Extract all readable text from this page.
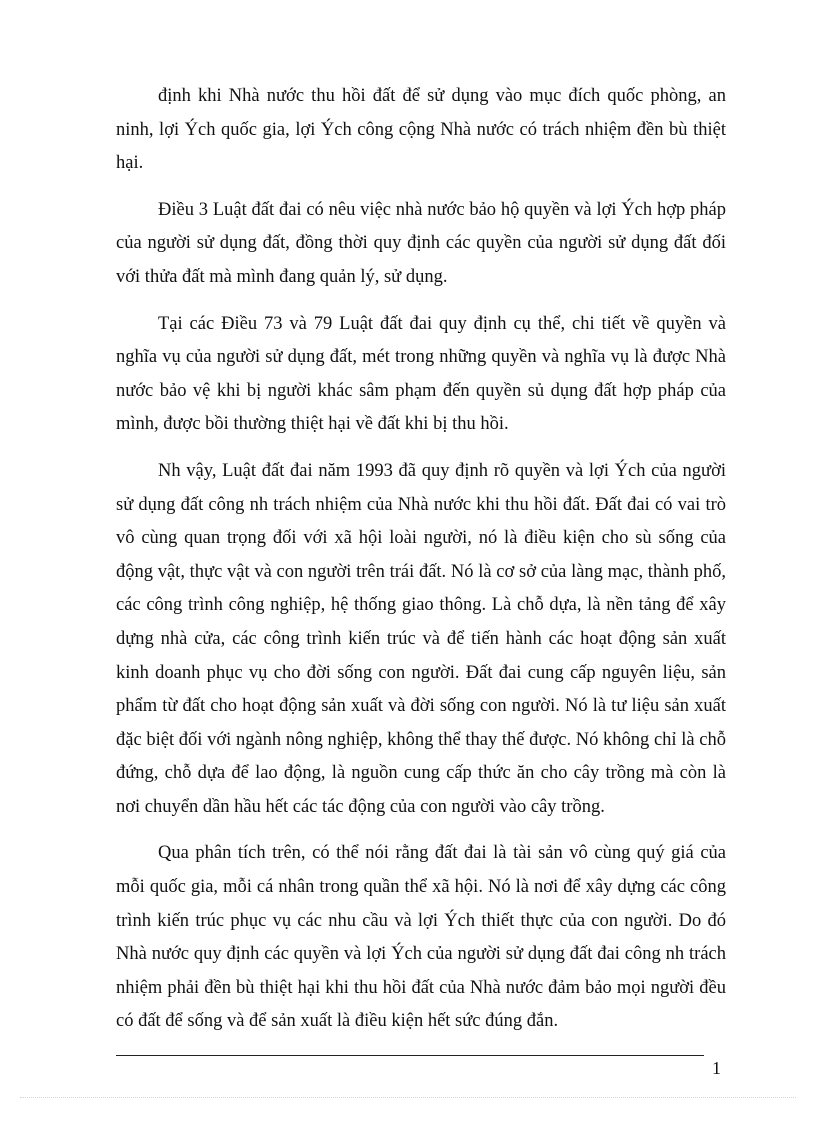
định khi Nhà nước thu hồi đất để sử dụng vào mục đích quốc phòng, an ninh, lợi Ých quốc gia, lợi Ých công cộng Nhà nước có trách nhiệm đền bù thiệt hại.

Điều 3 Luật đất đai có nêu việc nhà nước bảo hộ quyền và lợi Ých hợp pháp của người sử dụng đất, đồng thời quy định các quyền của người sử dụng đất đối với thửa đất mà mình đang quản lý, sử dụng.

Tại các Điều 73 và 79 Luật đất đai quy định cụ thể, chi tiết về quyền và nghĩa vụ của người sử dụng đất, mét trong những quyền và nghĩa vụ là được Nhà nước bảo vệ khi bị người khác sâm phạm đến quyền sủ dụng đất hợp pháp của mình, được bồi thường thiệt hại về đất khi bị thu hồi.

Nh vậy, Luật đất đai năm 1993 đã quy định rõ quyền và lợi Ých của người sử dụng đất công nh trách nhiệm của Nhà nước khi thu hồi đất. Đất đai có vai trò vô cùng quan trọng đối với xã hội loài người, nó là điều kiện cho sù sống của động vật, thực vật và con người trên trái đất. Nó là cơ sở của làng mạc, thành phố, các công trình công nghiệp, hệ thống giao thông. Là chỗ dựa, là nền tảng để xây dựng nhà cửa, các công trình kiến trúc và để tiến hành các hoạt động sản xuất kinh doanh phục vụ cho đời sống con người. Đất đai cung cấp nguyên liệu, sản phẩm từ đất cho hoạt động sản xuất và đời sống con người. Nó là tư liệu sản xuất đặc biệt đối với ngành nông nghiệp, không thể thay thế được. Nó không chỉ là chỗ đứng, chỗ dựa để lao động, là nguồn cung cấp thức ăn cho cây trồng mà còn là nơi chuyển dần hầu hết các tác động của con người vào cây trồng.

Qua phân tích trên, có thể nói rằng đất đai là tài sản vô cùng quý giá của mỗi quốc gia, mỗi cá nhân trong quần thể xã hội. Nó là nơi để xây dựng các công trình kiến trúc phục vụ các nhu cầu và lợi Ých thiết thực của con người. Do đó Nhà nước quy định các quyền và lợi Ých của người sử dụng đất đai công nh trách nhiệm phải đền bù thiệt hại khi thu hồi đất của Nhà nước đảm bảo mọi người đều có đất để sống và để sản xuất là điều kiện hết sức đúng đắn.

1
